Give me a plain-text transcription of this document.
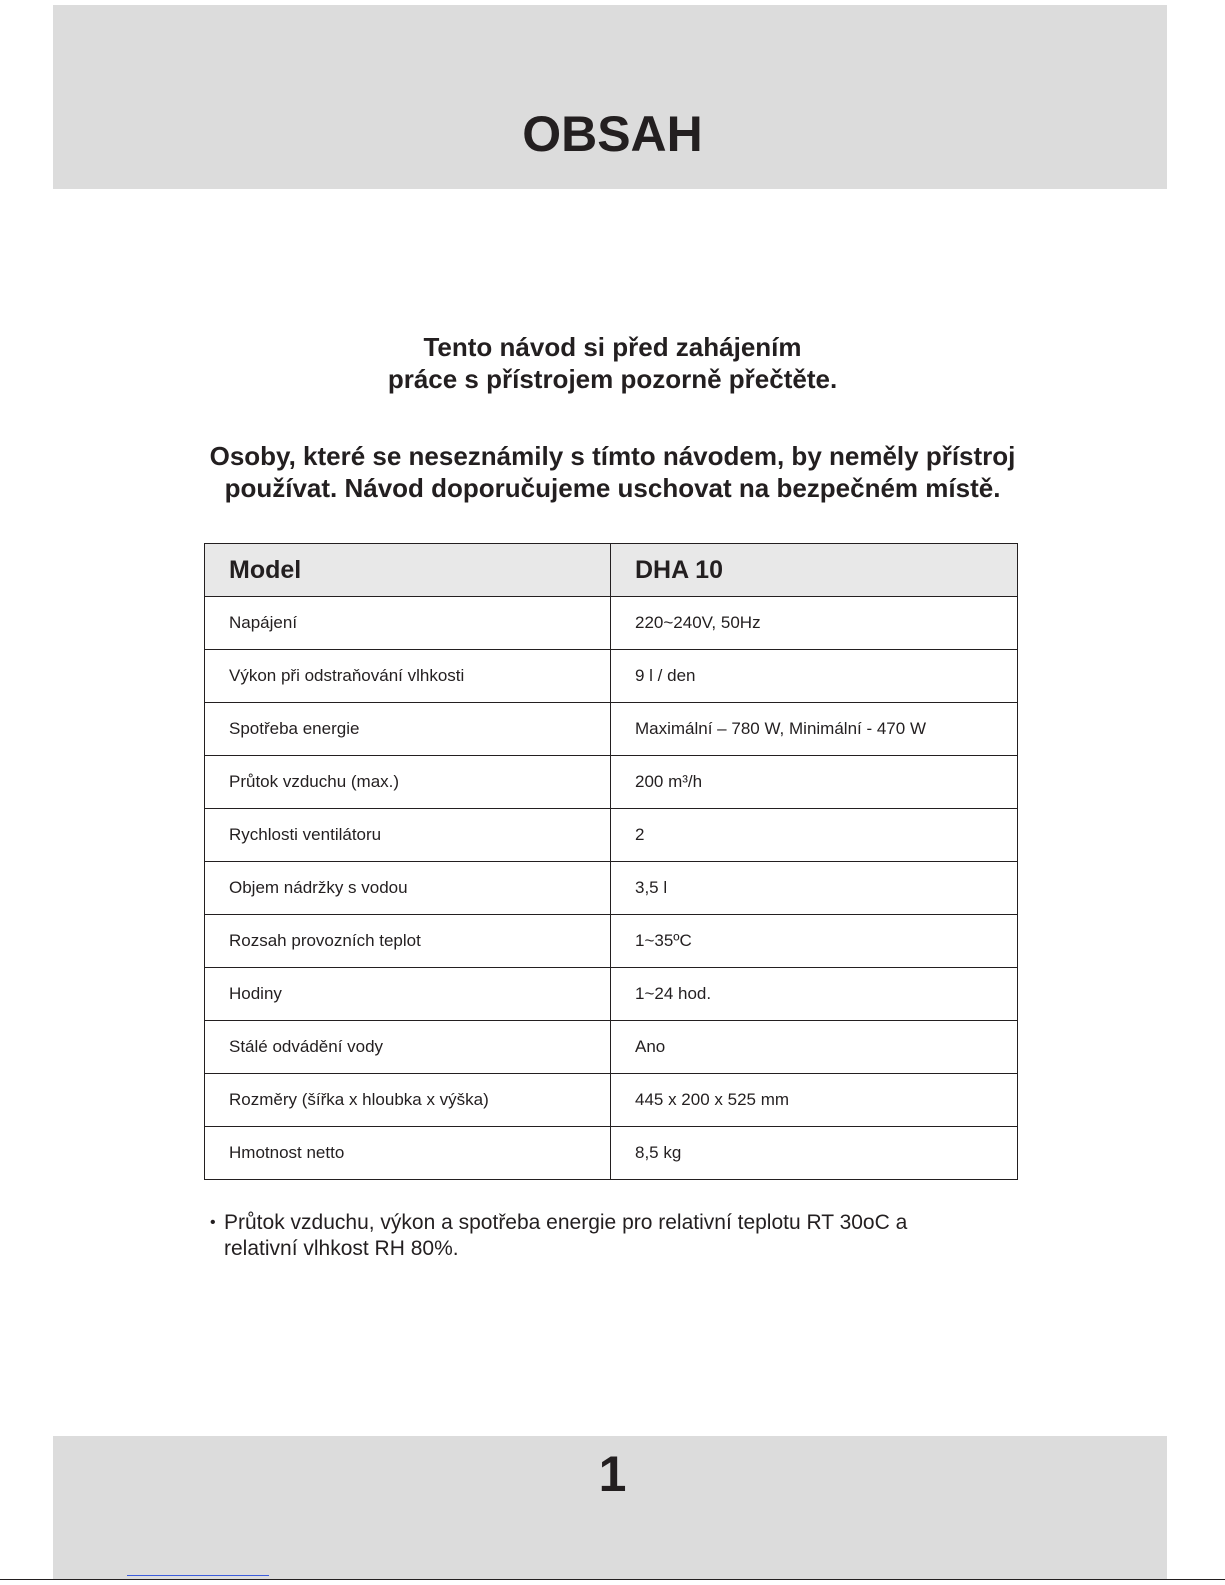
OBSAH

Tento návod si před zahájením
práce s přístrojem pozorně přečtěte.

Osoby, které se neseznámily s tímto návodem, by neměly přístroj
používat. Návod doporučujeme uschovat na bezpečném místě.

Model	DHA 10
Napájení	220~240V, 50Hz
Výkon při odstraňování vlhkosti	9 l / den
Spotřeba energie	Maximální – 780 W, Minimální - 470 W
Průtok vzduchu (max.)	200 m³/h
Rychlosti ventilátoru	2
Objem nádržky s vodou	3,5 l
Rozsah provozních teplot	1~35ºC
Hodiny	1~24 hod.
Stálé odvádění vody	Ano
Rozměry (šířka x hloubka x výška)	445 x 200 x 525 mm
Hmotnost netto	8,5 kg
• Průtok vzduchu, výkon a spotřeba energie pro relativní teplotu RT 30oC a
relativní vlhkost RH 80%.
1
